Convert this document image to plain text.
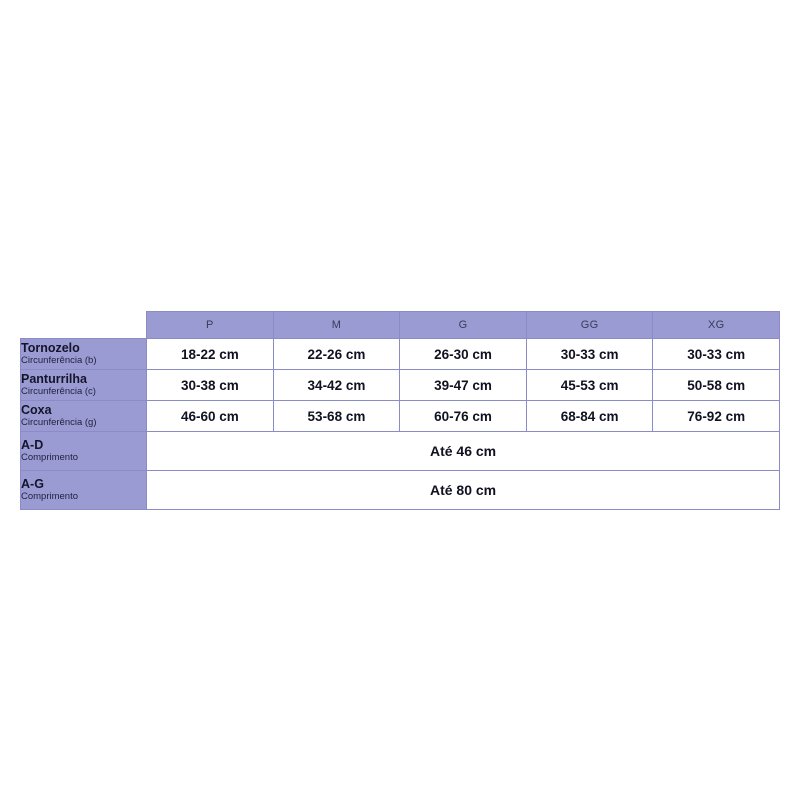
	P	M	G	GG	XG

Tornozelo
Circunferência (b)	18-22 cm	22-26 cm	26-30 cm	30-33 cm	30-33 cm

Panturrilha
Circunferência (c)	30-38 cm	34-42 cm	39-47 cm	45-53 cm	50-58 cm

Coxa
Circunferência (g)	46-60 cm	53-68 cm	60-76 cm	68-84 cm	76-92 cm

A-D
Comprimento	Até 46 cm				

A-G
Comprimento	Até 80 cm				
